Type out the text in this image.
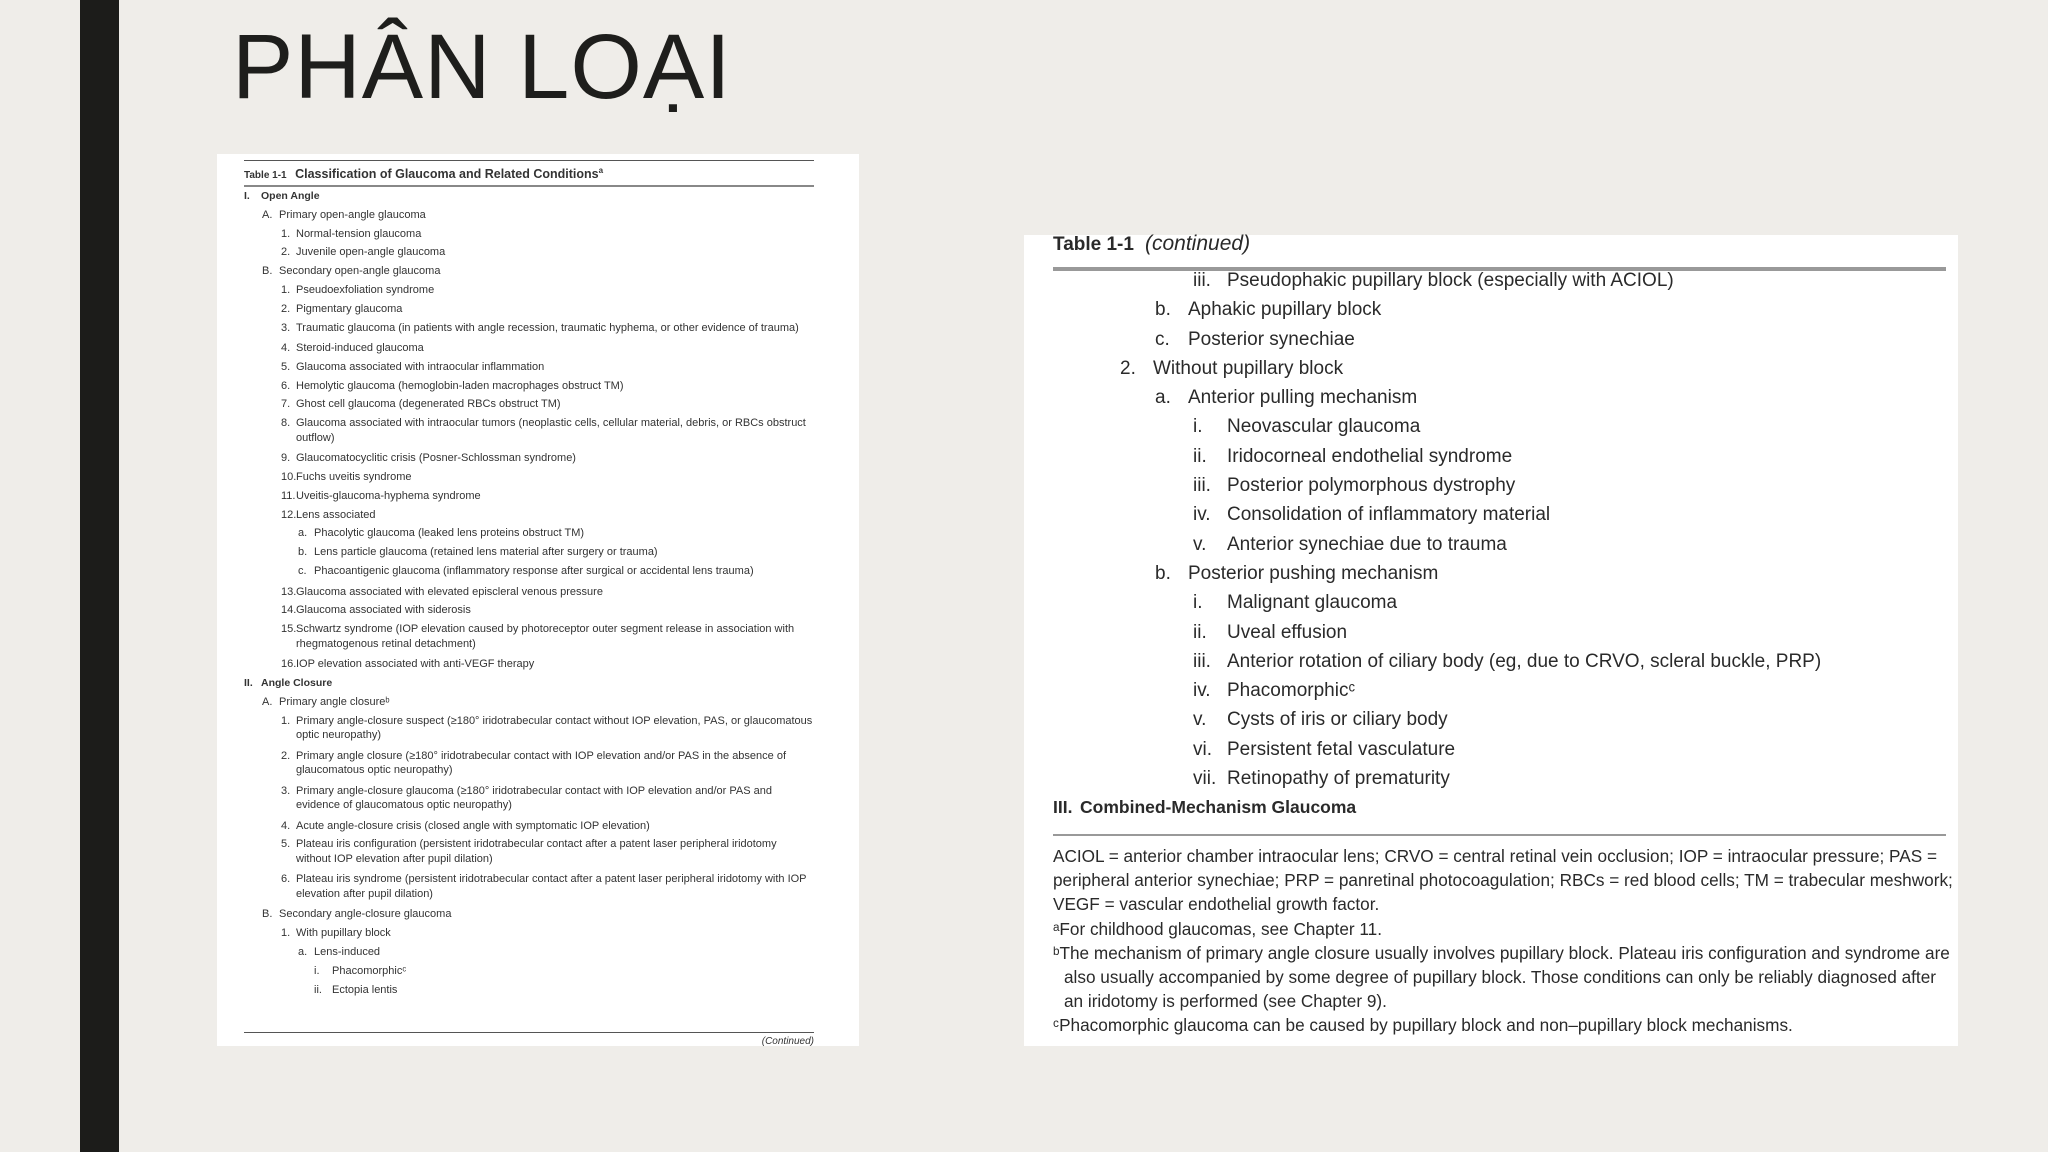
PHÂN LOẠI
Table 1-1 Classification of Glaucoma and Related Conditions$^a$
I. Open Angle
A. Primary open-angle glaucoma
1. Normal-tension glaucoma
2. Juvenile open-angle glaucoma
B. Secondary open-angle glaucoma
1. Pseudoexfoliation syndrome
2. Pigmentary glaucoma
3. Traumatic glaucoma (in patients with angle recession, traumatic hyphema, or other evidence of trauma)
4. Steroid-induced glaucoma
5. Glaucoma associated with intraocular inflammation
6. Hemolytic glaucoma (hemoglobin-laden macrophages obstruct TM)
7. Ghost cell glaucoma (degenerated RBCs obstruct TM)
8. Glaucoma associated with intraocular tumors (neoplastic cells, cellular material, debris, or RBCs obstruct outflow)
9. Glaucomatocyclitic crisis (Posner-Schlossman syndrome)
10. Fuchs uveitis syndrome
11. Uveitis-glaucoma-hyphema syndrome
12. Lens associated
a. Phacolytic glaucoma (leaked lens proteins obstruct TM)
b. Lens particle glaucoma (retained lens material after surgery or trauma)
c. Phacoantigenic glaucoma (inflammatory response after surgical or accidental lens trauma)
13. Glaucoma associated with elevated episcleral venous pressure
14. Glaucoma associated with siderosis
15. Schwartz syndrome (IOP elevation caused by photoreceptor outer segment release in association with rhegmatogenous retinal detachment)
16. IOP elevation associated with anti-VEGF therapy
II. Angle Closure
A. Primary angle closureᵇ
1. Primary angle-closure suspect (≥180° iridotrabecular contact without IOP elevation, PAS, or glaucomatous optic neuropathy)
2. Primary angle closure (≥180° iridotrabecular contact with IOP elevation and/or PAS in the absence of glaucomatous optic neuropathy)
3. Primary angle-closure glaucoma (≥180° iridotrabecular contact with IOP elevation and/or PAS and evidence of glaucomatous optic neuropathy)
4. Acute angle-closure crisis (closed angle with symptomatic IOP elevation)
5. Plateau iris configuration (persistent iridotrabecular contact after a patent laser peripheral iridotomy without IOP elevation after pupil dilation)
6. Plateau iris syndrome (persistent iridotrabecular contact after a patent laser peripheral iridotomy with IOP elevation after pupil dilation)
B. Secondary angle-closure glaucoma
1. With pupillary block
a. Lens-induced
i. Phacomorphicᶜ
ii. Ectopia lentis
(Continued)
Table 1-1 (continued)
iii. Pseudophakic pupillary block (especially with ACIOL)
b. Aphakic pupillary block
c. Posterior synechiae
2. Without pupillary block
a. Anterior pulling mechanism
i. Neovascular glaucoma
ii. Iridocorneal endothelial syndrome
iii. Posterior polymorphous dystrophy
iv. Consolidation of inflammatory material
v. Anterior synechiae due to trauma
b. Posterior pushing mechanism
i. Malignant glaucoma
ii. Uveal effusion
iii. Anterior rotation of ciliary body (eg, due to CRVO, scleral buckle, PRP)
iv. Phacomorphicᶜ
v. Cysts of iris or ciliary body
vi. Persistent fetal vasculature
vii. Retinopathy of prematurity
III. Combined-Mechanism Glaucoma

ACIOL = anterior chamber intraocular lens; CRVO = central retinal vein occlusion; IOP = intraocular pressure; PAS = peripheral anterior synechiae; PRP = panretinal photocoagulation; RBCs = red blood cells; TM = trabecular meshwork; VEGF = vascular endothelial growth factor.

ᵃFor childhood glaucomas, see Chapter 11.

ᵇThe mechanism of primary angle closure usually involves pupillary block. Plateau iris configuration and syndrome are also usually accompanied by some degree of pupillary block. Those conditions can only be reliably diagnosed after an iridotomy is performed (see Chapter 9).

ᶜPhacomorphic glaucoma can be caused by pupillary block and non–pupillary block mechanisms.
